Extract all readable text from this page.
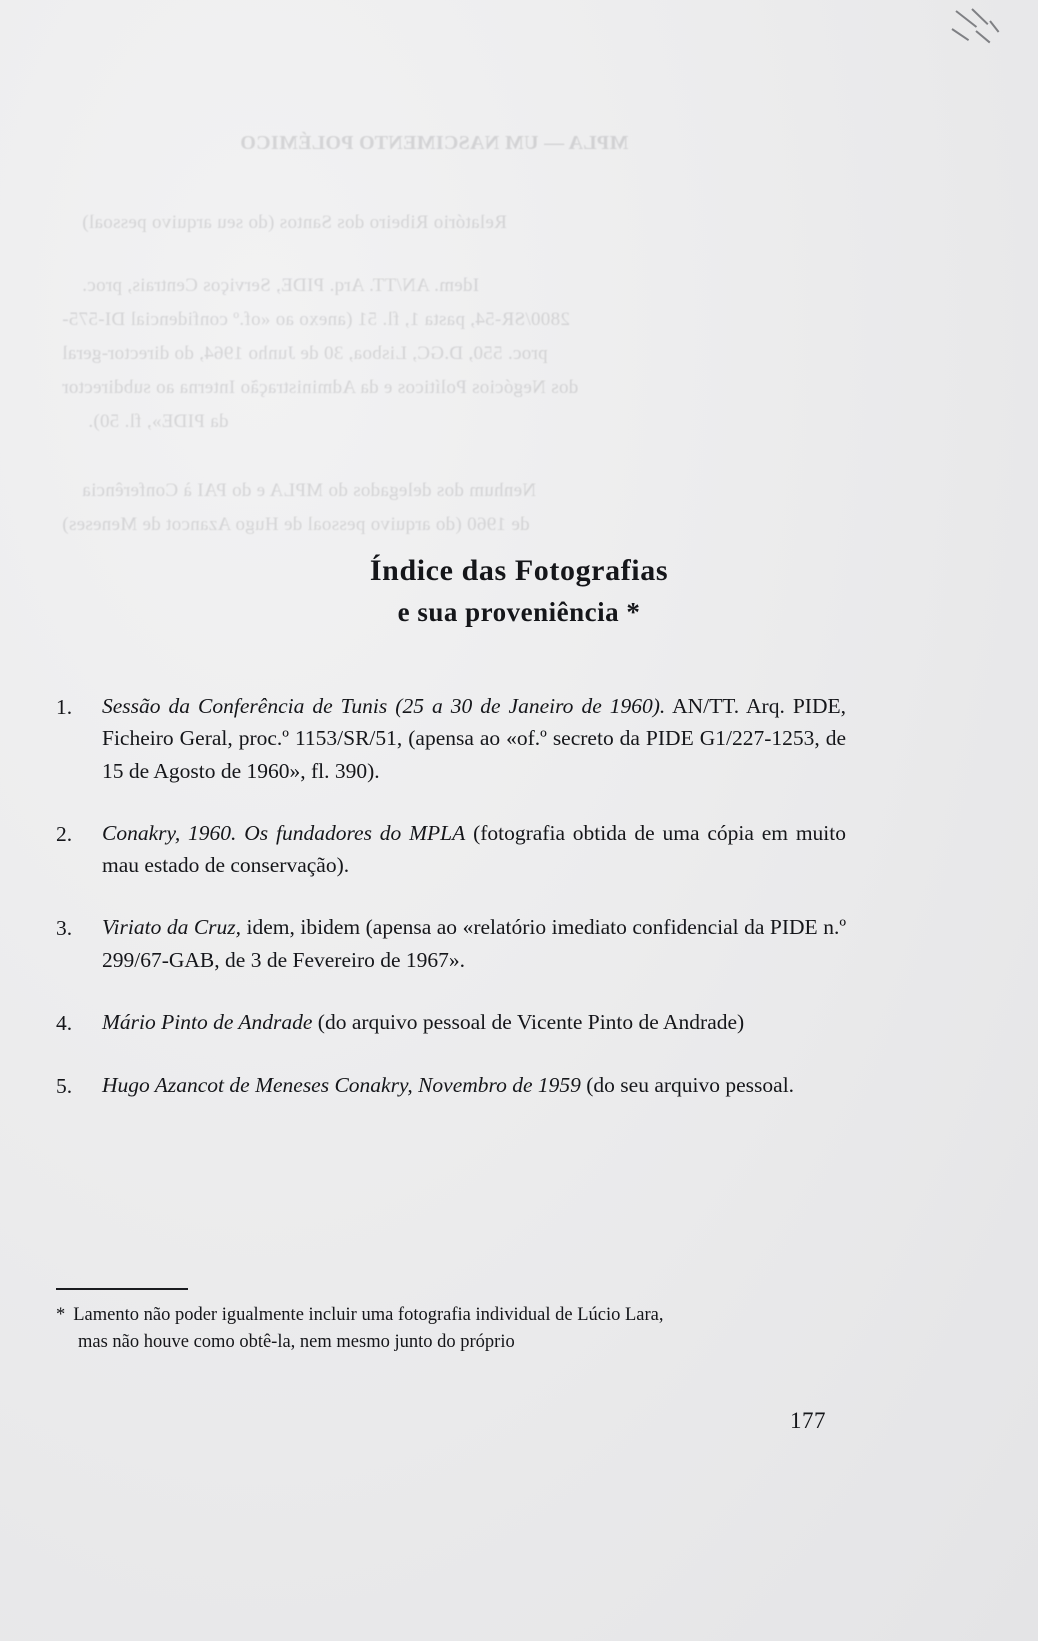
MPLA — UM NASCIMENTO POLÉMICO
Relatório Ribeiro dos Santos (do seu arquivo pessoal)
Idem. AN/TT. Arq. PIDE, Serviços Centrais, proc.
2800/SR-54, pasta 1, fl. 51 (anexo ao «of.º confidencial DI-575-
proc. 550, D.GC, Lisboa, 30 de Junho 1964, do director-geral
dos Negócios Políticos e da Administração Interna ao subdirector
da PIDE», fl. 50).
Nenhum dos delegados do MPLA e do PAI à Conferência
de 1960 (do arquivo pessoal de Hugo Azancot de Meneses)
Índice das Fotografias
e sua proveniência *
1.	Sessão da Conferência de Tunis (25 a 30 de Janeiro de 1960). AN/TT. Arq. PIDE, Ficheiro Geral, proc.º 1153/SR/51, (apensa ao «of.º secreto da PIDE G1/227-1253, de 15 de Agosto de 1960», fl. 390).
2.	Conakry, 1960. Os fundadores do MPLA (fotografia obtida de uma cópia em muito mau estado de conservação).
3.	Viriato da Cruz, idem, ibidem (apensa ao «relatório imediato confidencial da PIDE n.º 299/67-GAB, de 3 de Fevereiro de 1967».
4.	Mário Pinto de Andrade (do arquivo pessoal de Vicente Pinto de Andrade)
5.	Hugo Azancot de Meneses Conakry, Novembro de 1959 (do seu arquivo pessoal.
* Lamento não poder igualmente incluir uma fotografia individual de Lúcio Lara,
mas não houve como obtê-la, nem mesmo junto do próprio
177
